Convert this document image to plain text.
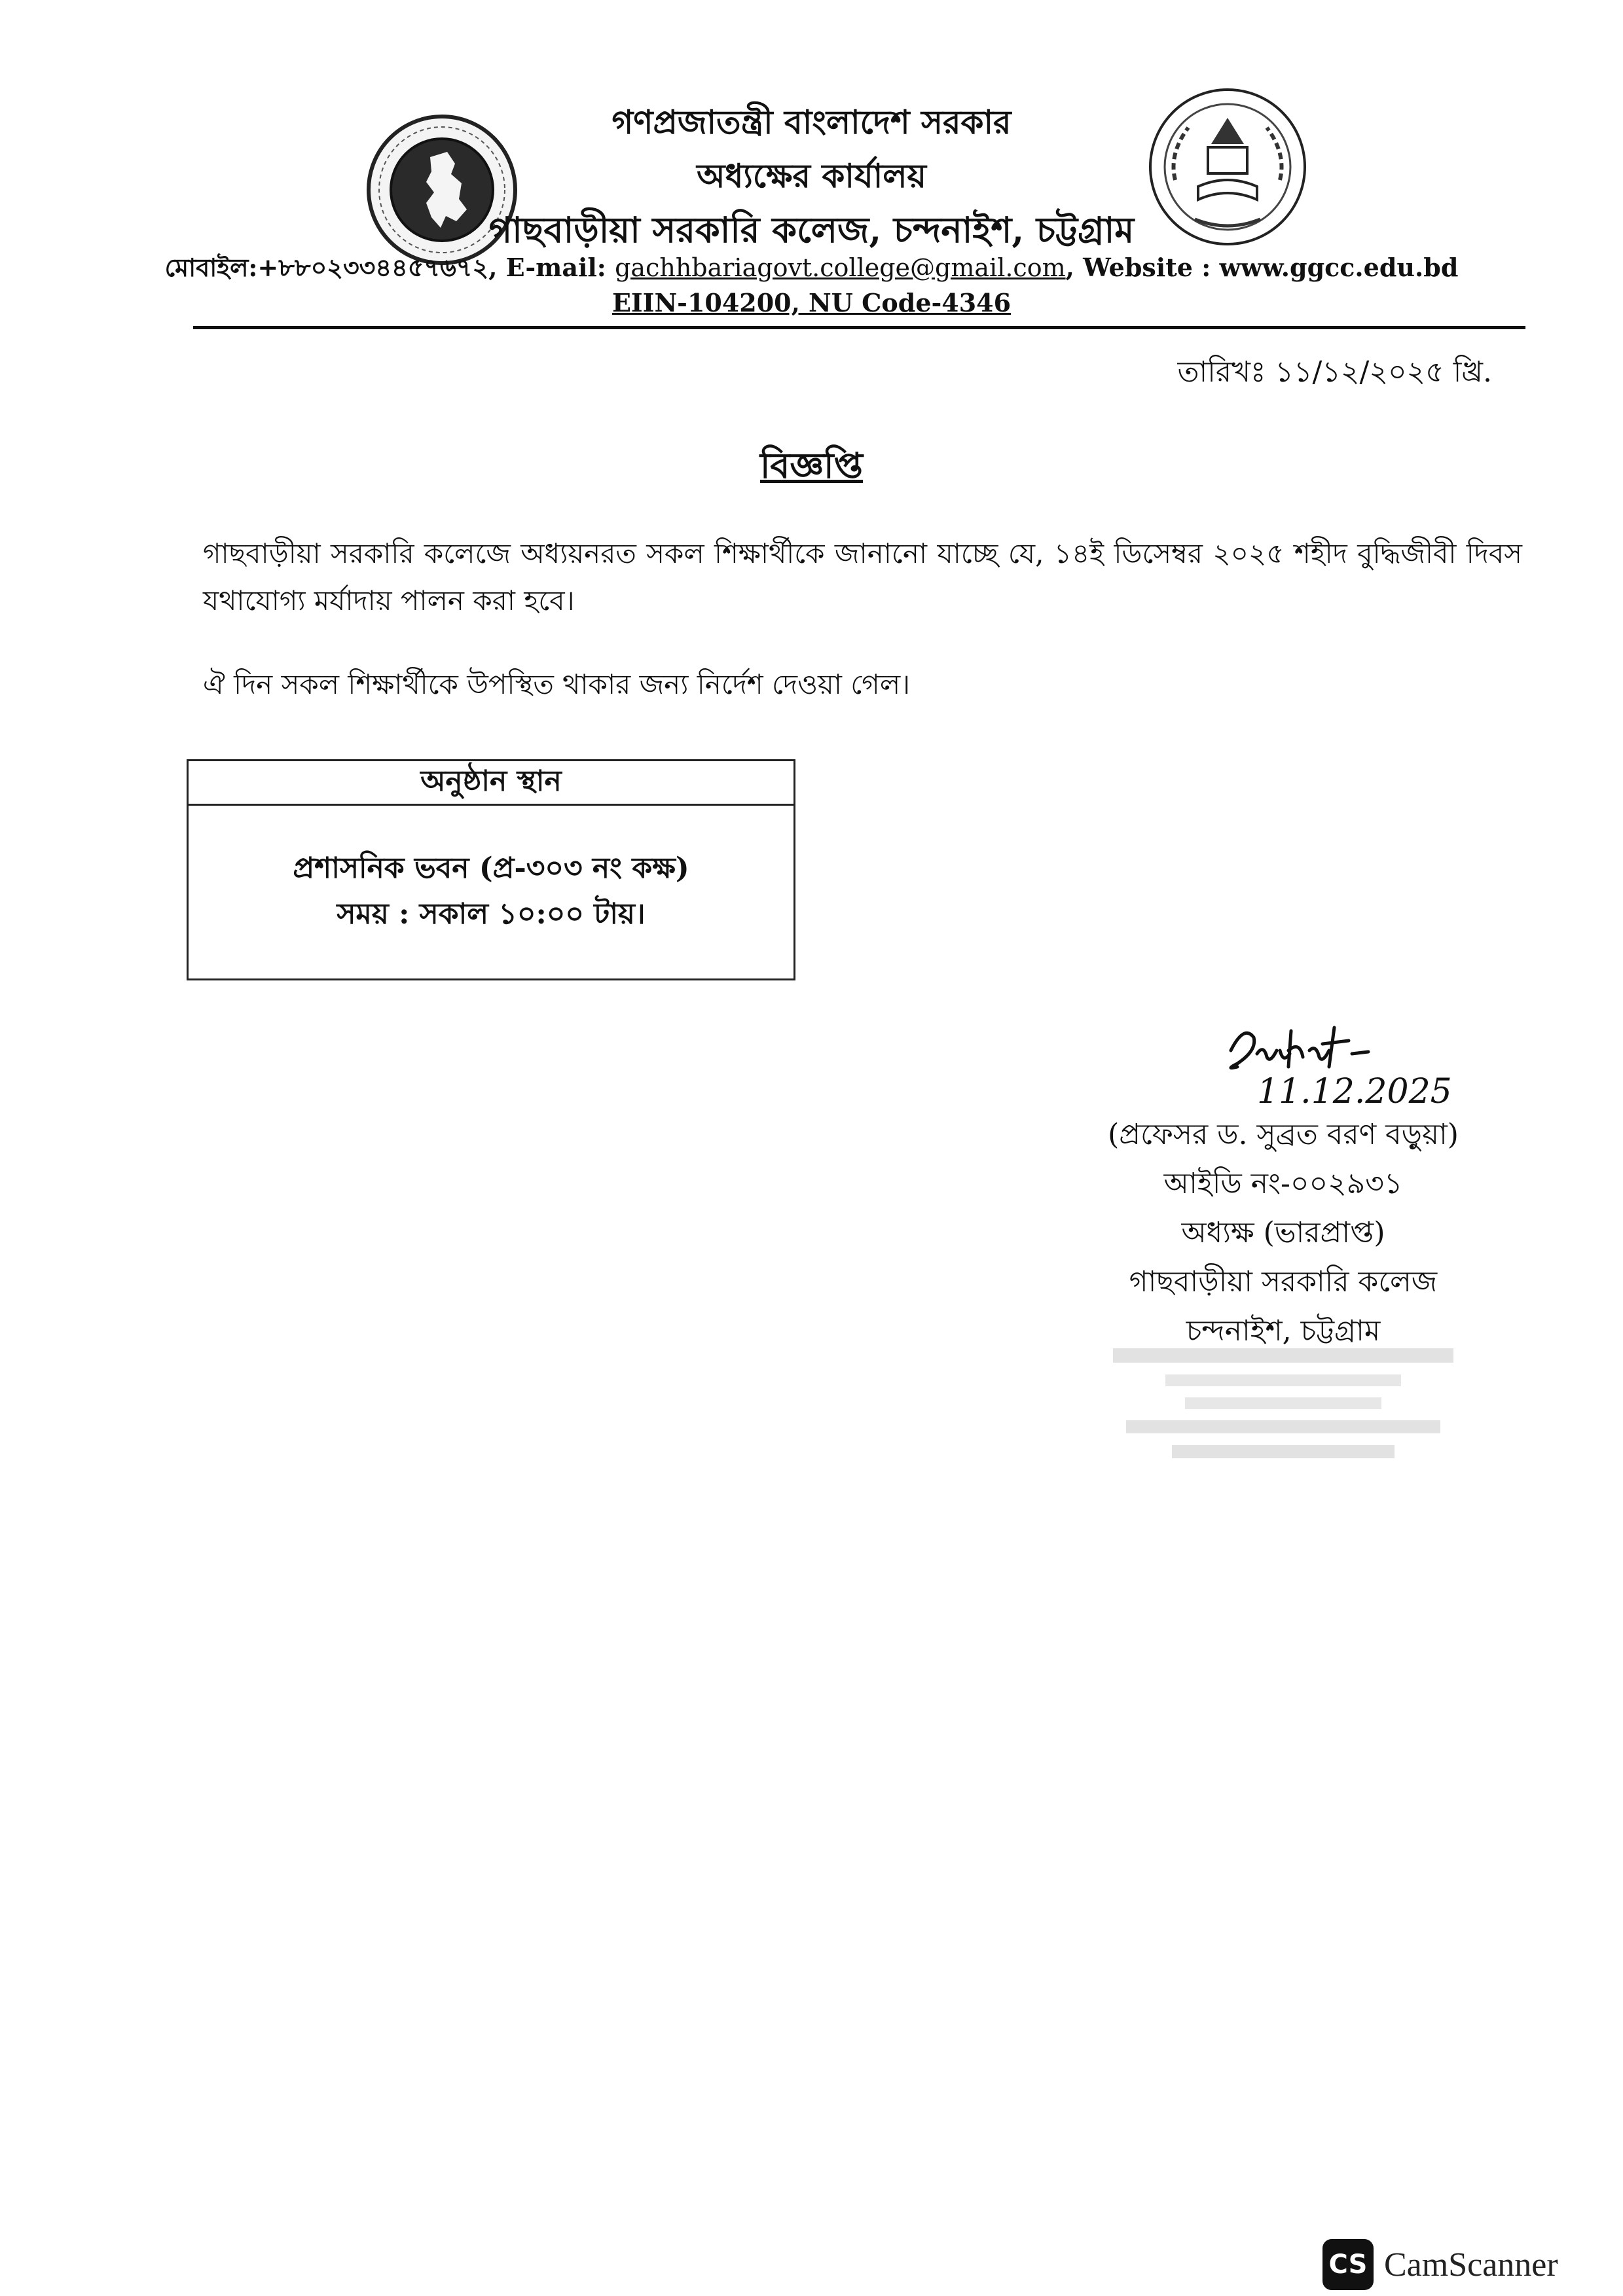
গণপ্রজাতন্ত্রী বাংলাদেশ সরকার
অধ্যক্ষের কার্যালয়
গাছবাড়ীয়া সরকারি কলেজ, চন্দনাইশ, চট্টগ্রাম
মোবাইল:+৮৮০২৩৩৪৪৫৭৬৭২, E-mail: gachhbariagovt.college@gmail.com, Website : www.ggcc.edu.bd
EIIN-104200, NU Code-4346
তারিখঃ ১১/১২/২০২৫ খ্রি.
বিজ্ঞপ্তি
গাছবাড়ীয়া সরকারি কলেজে অধ্যয়নরত সকল শিক্ষার্থীকে জানানো যাচ্ছে যে, ১৪ই ডিসেম্বর ২০২৫ শহীদ বুদ্ধিজীবী দিবস যথাযোগ্য মর্যাদায় পালন করা হবে।
ঐ দিন সকল শিক্ষার্থীকে উপস্থিত থাকার জন্য নির্দেশ দেওয়া গেল।
অনুষ্ঠান স্থান
প্রশাসনিক ভবন (প্র-৩০৩ নং কক্ষ)
সময় : সকাল ১০:০০ টায়।
11.12.2025
(প্রফেসর ড. সুব্রত বরণ বড়ুয়া)
আইডি নং-০০২৯৩১
অধ্যক্ষ (ভারপ্রাপ্ত)
গাছবাড়ীয়া সরকারি কলেজ
চন্দনাইশ, চট্টগ্রাম
CS CamScanner
